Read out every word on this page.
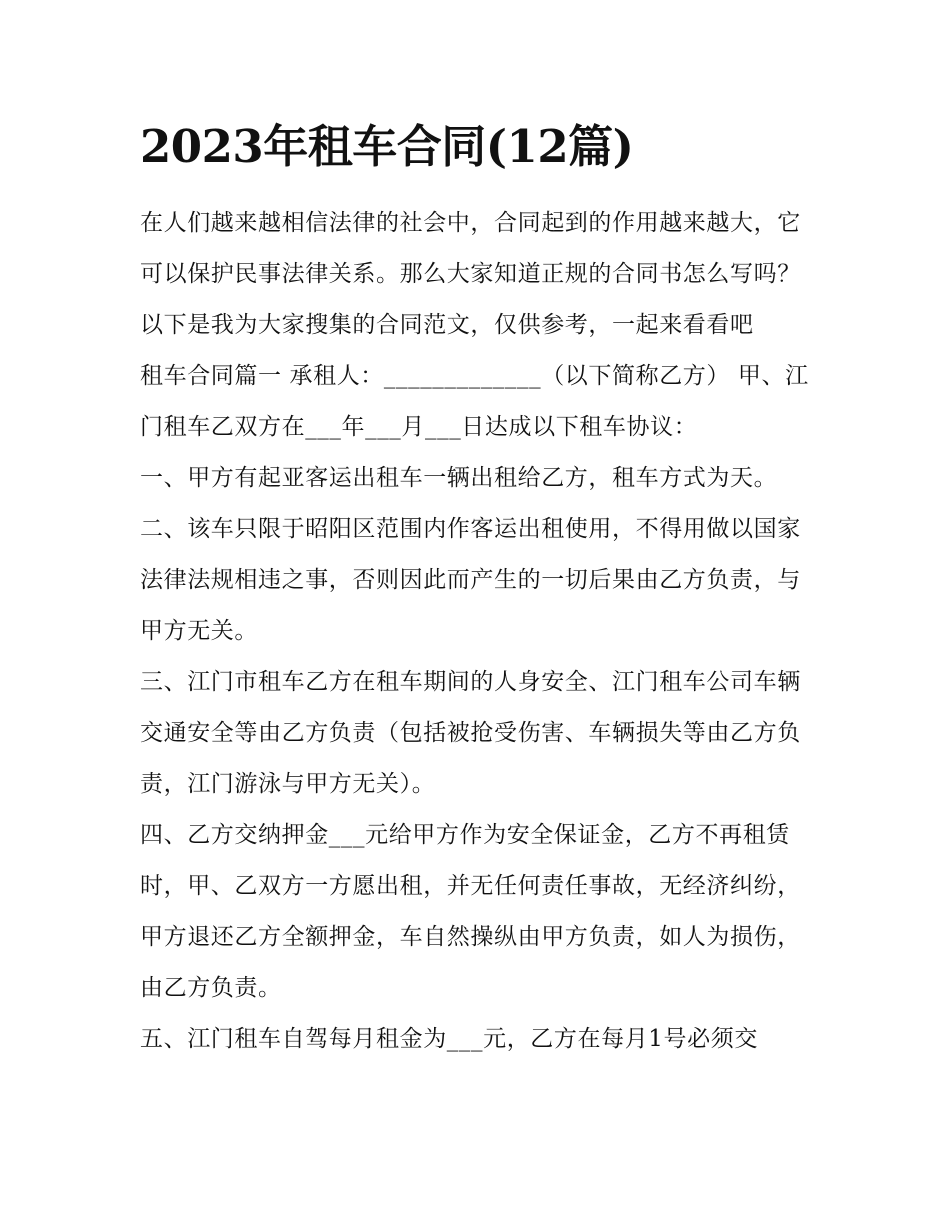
2023年租车合同(12篇)

在人们越来越相信法律的社会中，合同起到的作用越来越大，它可以保护民事法律关系。那么大家知道正规的合同书怎么写吗？以下是我为大家搜集的合同范文，仅供参考，一起来看看吧

租车合同篇一 承租人：_____________（以下简称乙方） 甲、江门租车乙双方在___年___月___日达成以下租车协议：

一、甲方有起亚客运出租车一辆出租给乙方，租车方式为天。

二、该车只限于昭阳区范围内作客运出租使用，不得用做以国家法律法规相违之事，否则因此而产生的一切后果由乙方负责，与甲方无关。

三、江门市租车乙方在租车期间的人身安全、江门租车公司车辆交通安全等由乙方负责（包括被抢受伤害、车辆损失等由乙方负责，江门游泳与甲方无关）。

四、乙方交纳押金___元给甲方作为安全保证金，乙方不再租赁时，甲、乙双方一方愿出租，并无任何责任事故，无经济纠纷，甲方退还乙方全额押金，车自然操纵由甲方负责，如人为损伤，由乙方负责。

五、江门租车自驾每月租金为___元，乙方在每月1号必须交
